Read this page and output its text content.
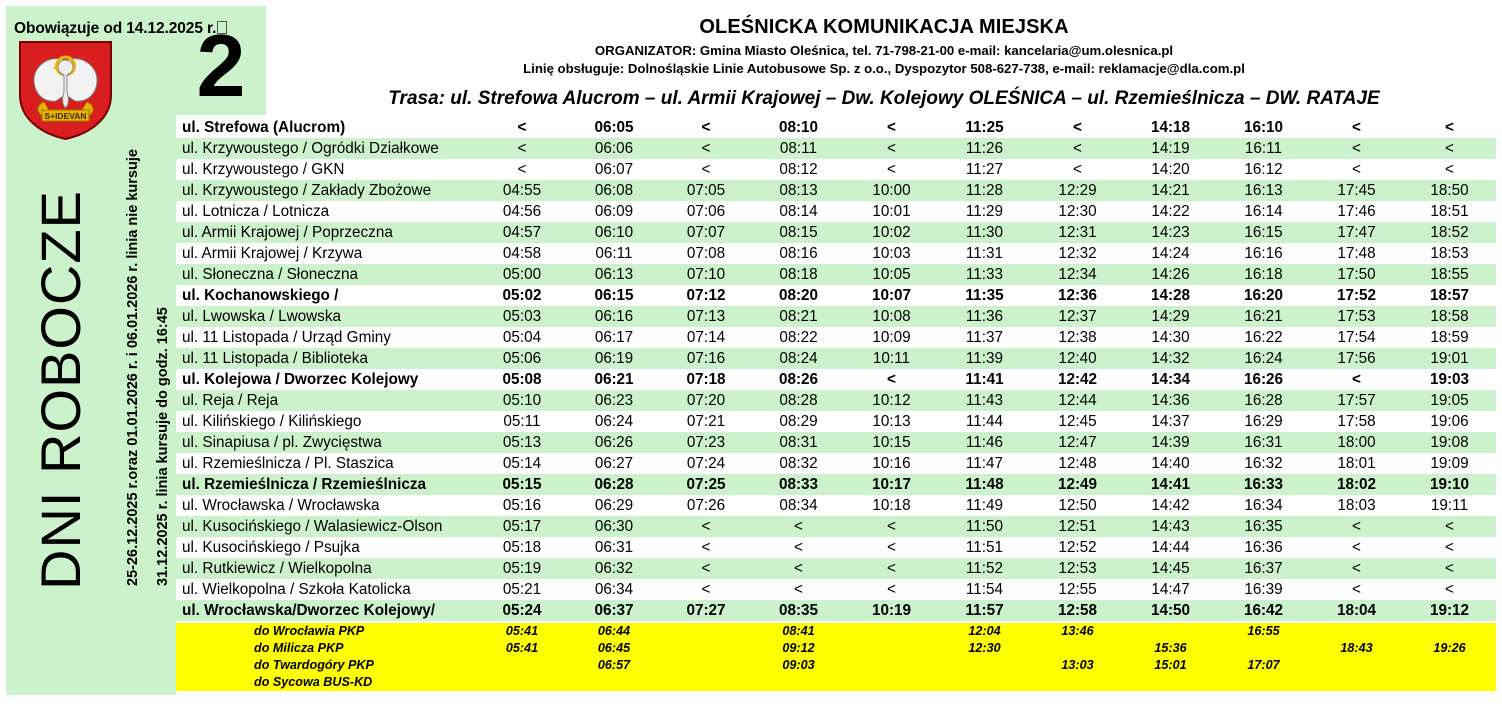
Obowiązuje od 14.12.2025 r.
S+IDEVAN
2
DNI ROBOCZE 25-26.12.2025 r.oraz 01.01.2026 r. i 06.01.2026 r. linia nie kursuje 31.12.2025 r. linia kursuje do godz. 16:45
OLEŚNICKA KOMUNIKACJA MIEJSKA
ORGANIZATOR: Gmina Miasto Oleśnica, tel. 71-798-21-00 e-mail: kancelaria@um.olesnica.pl
Linię obsługuje: Dolnośląskie Linie Autobusowe Sp. z o.o., Dyspozytor 508-627-738, e-mail: reklamacje@dla.com.pl
Trasa: ul. Strefowa Alucrom – ul. Armii Krajowej – Dw. Kolejowy OLEŚNICA – ul. Rzemieślnicza – DW. RATAJE
ul. Strefowa (Alucrom)	<	06:05	<	08:10	<	11:25	<	14:18	16:10	<	<
ul. Krzywoustego / Ogródki Działkowe	<	06:06	<	08:11	<	11:26	<	14:19	16:11	<	<
ul. Krzywoustego / GKN	<	06:07	<	08:12	<	11:27	<	14:20	16:12	<	<
ul. Krzywoustego / Zakłady Zbożowe	04:55	06:08	07:05	08:13	10:00	11:28	12:29	14:21	16:13	17:45	18:50
ul. Lotnicza / Lotnicza	04:56	06:09	07:06	08:14	10:01	11:29	12:30	14:22	16:14	17:46	18:51
ul. Armii Krajowej / Poprzeczna	04:57	06:10	07:07	08:15	10:02	11:30	12:31	14:23	16:15	17:47	18:52
ul. Armii Krajowej / Krzywa	04:58	06:11	07:08	08:16	10:03	11:31	12:32	14:24	16:16	17:48	18:53
ul. Słoneczna / Słoneczna	05:00	06:13	07:10	08:18	10:05	11:33	12:34	14:26	16:18	17:50	18:55
ul. Kochanowskiego /	05:02	06:15	07:12	08:20	10:07	11:35	12:36	14:28	16:20	17:52	18:57
ul. Lwowska / Lwowska	05:03	06:16	07:13	08:21	10:08	11:36	12:37	14:29	16:21	17:53	18:58
ul. 11 Listopada / Urząd Gminy	05:04	06:17	07:14	08:22	10:09	11:37	12:38	14:30	16:22	17:54	18:59
ul. 11 Listopada / Biblioteka	05:06	06:19	07:16	08:24	10:11	11:39	12:40	14:32	16:24	17:56	19:01
ul. Kolejowa / Dworzec Kolejowy	05:08	06:21	07:18	08:26	<	11:41	12:42	14:34	16:26	<	19:03
ul. Reja / Reja	05:10	06:23	07:20	08:28	10:12	11:43	12:44	14:36	16:28	17:57	19:05
ul. Kilińskiego / Kilińskiego	05:11	06:24	07:21	08:29	10:13	11:44	12:45	14:37	16:29	17:58	19:06
ul. Sinapiusa / pl. Zwycięstwa	05:13	06:26	07:23	08:31	10:15	11:46	12:47	14:39	16:31	18:00	19:08
ul. Rzemieślnicza / Pl. Staszica	05:14	06:27	07:24	08:32	10:16	11:47	12:48	14:40	16:32	18:01	19:09
ul. Rzemieślnicza / Rzemieślnicza	05:15	06:28	07:25	08:33	10:17	11:48	12:49	14:41	16:33	18:02	19:10
ul. Wrocławska / Wrocławska	05:16	06:29	07:26	08:34	10:18	11:49	12:50	14:42	16:34	18:03	19:11
ul. Kusocińskiego / Walasiewicz-Olson	05:17	06:30	<	<	<	11:50	12:51	14:43	16:35	<	<
ul. Kusocińskiego / Psujka	05:18	06:31	<	<	<	11:51	12:52	14:44	16:36	<	<
ul. Rutkiewicz / Wielkopolna	05:19	06:32	<	<	<	11:52	12:53	14:45	16:37	<	<
ul. Wielkopolna / Szkoła Katolicka	05:21	06:34	<	<	<	11:54	12:55	14:47	16:39	<	<
ul. Wrocławska/Dworzec Kolejowy/	05:24	06:37	07:27	08:35	10:19	11:57	12:58	14:50	16:42	18:04	19:12
do Wrocławia PKP	05:41	06:44		08:41		12:04	13:46		16:55		
do Milicza PKP	05:41	06:45		09:12		12:30		15:36		18:43	19:26
do Twardogóry PKP		06:57		09:03			13:03	15:01	17:07		
do Sycowa BUS-KD											
